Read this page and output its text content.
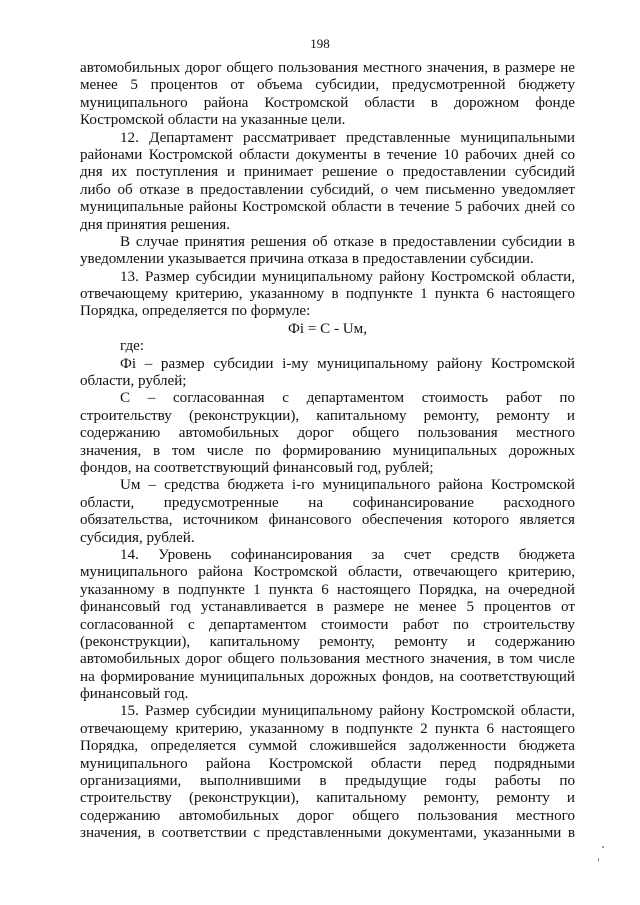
198
автомобильных дорог общего пользования местного значения, в размере не
менее 5 процентов от объема субсидии, предусмотренной бюджету
муниципального района Костромской области в дорожном фонде
Костромской области на указанные цели.
12. Департамент рассматривает представленные муниципальными
районами Костромской области документы в течение 10 рабочих дней со
дня их поступления и принимает решение о предоставлении субсидий
либо об отказе в предоставлении субсидий, о чем письменно уведомляет
муниципальные районы Костромской области в течение 5 рабочих дней со
дня принятия решения.
В случае принятия решения об отказе в предоставлении субсидии в
уведомлении указывается причина отказа в предоставлении субсидии.
13. Размер субсидии муниципальному району Костромской области,
отвечающему критерию, указанному в подпункте 1 пункта 6 настоящего
Порядка, определяется по формуле:
Фi = С - Uм,
где:
Фi – размер субсидии i-му муниципальному району Костромской
области, рублей;
С – согласованная с департаментом стоимость работ по
строительству (реконструкции), капитальному ремонту, ремонту и
содержанию автомобильных дорог общего пользования местного
значения, в том числе по формированию муниципальных дорожных
фондов, на соответствующий финансовый год, рублей;
Uм – средства бюджета i-го муниципального района Костромской
области, предусмотренные на софинансирование расходного
обязательства, источником финансового обеспечения которого является
субсидия, рублей.
14. Уровень софинансирования за счет средств бюджета
муниципального района Костромской области, отвечающего критерию,
указанному в подпункте 1 пункта 6 настоящего Порядка, на очередной
финансовый год устанавливается в размере не менее 5 процентов от
согласованной с департаментом стоимости работ по строительству
(реконструкции), капитальному ремонту, ремонту и содержанию
автомобильных дорог общего пользования местного значения, в том числе
на формирование муниципальных дорожных фондов, на соответствующий
финансовый год.
15. Размер субсидии муниципальному району Костромской области,
отвечающему критерию, указанному в подпункте 2 пункта 6 настоящего
Порядка, определяется суммой сложившейся задолженности бюджета
муниципального района Костромской области перед подрядными
организациями, выполнившими в предыдущие годы работы по
строительству (реконструкции), капитальному ремонту, ремонту и
содержанию автомобильных дорог общего пользования местного
значения, в соответствии с представленными документами, указанными в
